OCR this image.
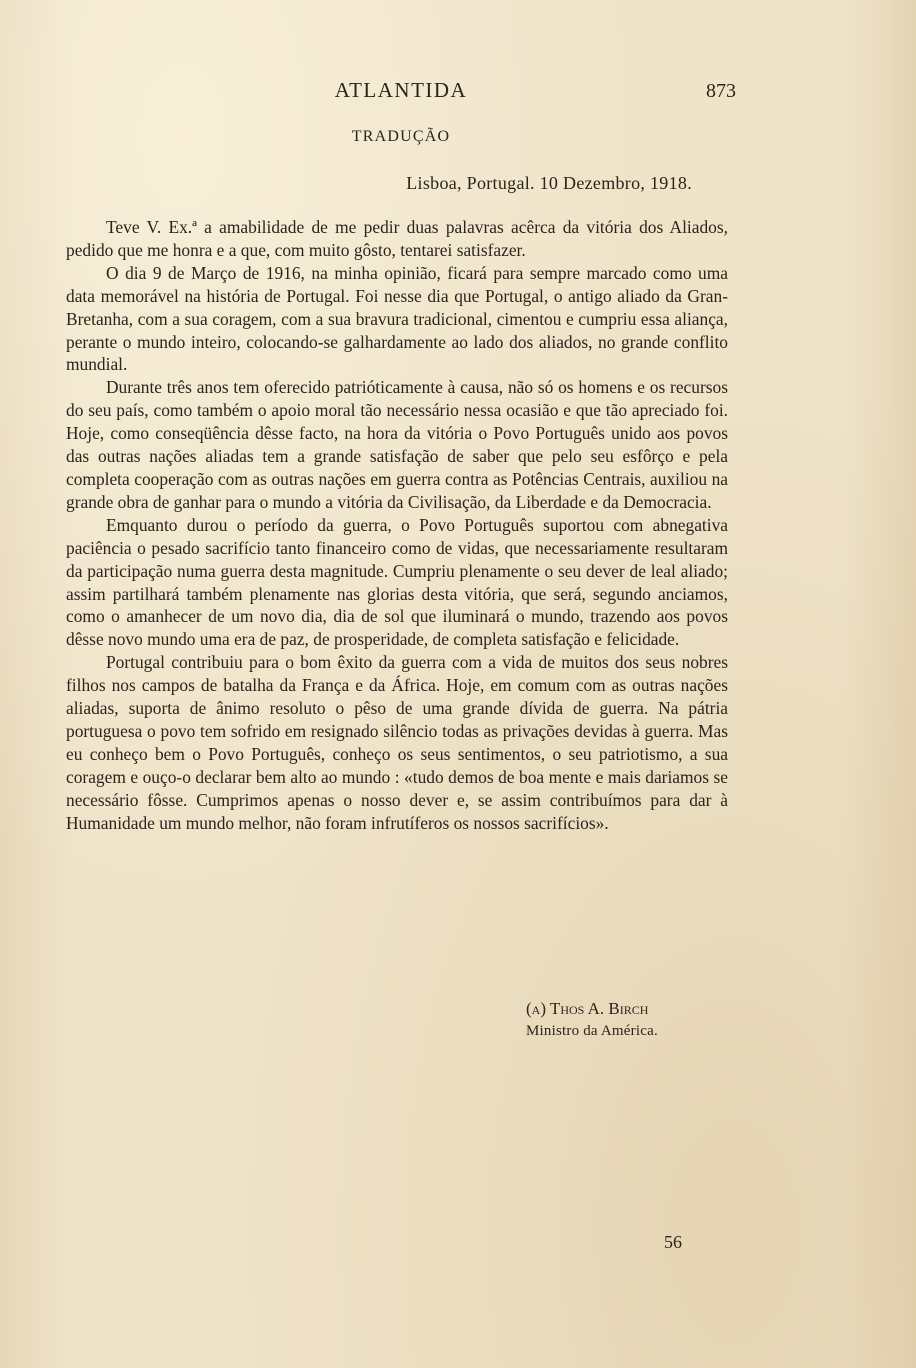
ATLANTIDA	873
TRADUÇÃO
Lisboa, Portugal. 10 Dezembro, 1918.

Teve V. Ex.ª a amabilidade de me pedir duas palavras acêrca da vitória dos Aliados, pedido que me honra e a que, com muito gôsto, tentarei satisfazer.

O dia 9 de Março de 1916, na minha opinião, ficará para sempre marcado como uma data memorável na história de Portugal. Foi nesse dia que Portugal, o antigo aliado da Gran-Bretanha, com a sua coragem, com a sua bravura tradicional, cimentou e cumpriu essa aliança, perante o mundo inteiro, colocando-se galhardamente ao lado dos aliados, no grande conflito mundial.

Durante três anos tem oferecido patrióticamente à causa, não só os homens e os recursos do seu país, como também o apoio moral tão necessário nessa ocasião e que tão apreciado foi. Hoje, como conseqüência dêsse facto, na hora da vitória o Povo Português unido aos povos das outras nações aliadas tem a grande satisfação de saber que pelo seu esfôrço e pela completa cooperação com as outras nações em guerra contra as Potências Centrais, auxiliou na grande obra de ganhar para o mundo a vitória da Civilisação, da Liberdade e da Democracia.

Emquanto durou o período da guerra, o Povo Português suportou com abnegativa paciência o pesado sacrifício tanto financeiro como de vidas, que necessariamente resultaram da participação numa guerra desta magnitude. Cumpriu plenamente o seu dever de leal aliado; assim partilhará também plenamente nas glorias desta vitória, que será, segundo anciamos, como o amanhecer de um novo dia, dia de sol que iluminará o mundo, trazendo aos povos dêsse novo mundo uma era de paz, de prosperidade, de completa satisfação e felicidade.

Portugal contribuiu para o bom êxito da guerra com a vida de muitos dos seus nobres filhos nos campos de batalha da França e da África. Hoje, em comum com as outras nações aliadas, suporta de ânimo resoluto o pêso de uma grande dívida de guerra. Na pátria portuguesa o povo tem sofrido em resignado silêncio todas as privações devidas à guerra. Mas eu conheço bem o Povo Português, conheço os seus sentimentos, o seu patriotismo, a sua coragem e ouço-o declarar bem alto ao mundo : «tudo demos de boa mente e mais dariamos se necessário fôsse. Cumprimos apenas o nosso dever e, se assim contribuímos para dar à Humanidade um mundo melhor, não foram infrutíferos os nossos sacrifícios».

(a) Thos A. Birch
Ministro da América.
56
